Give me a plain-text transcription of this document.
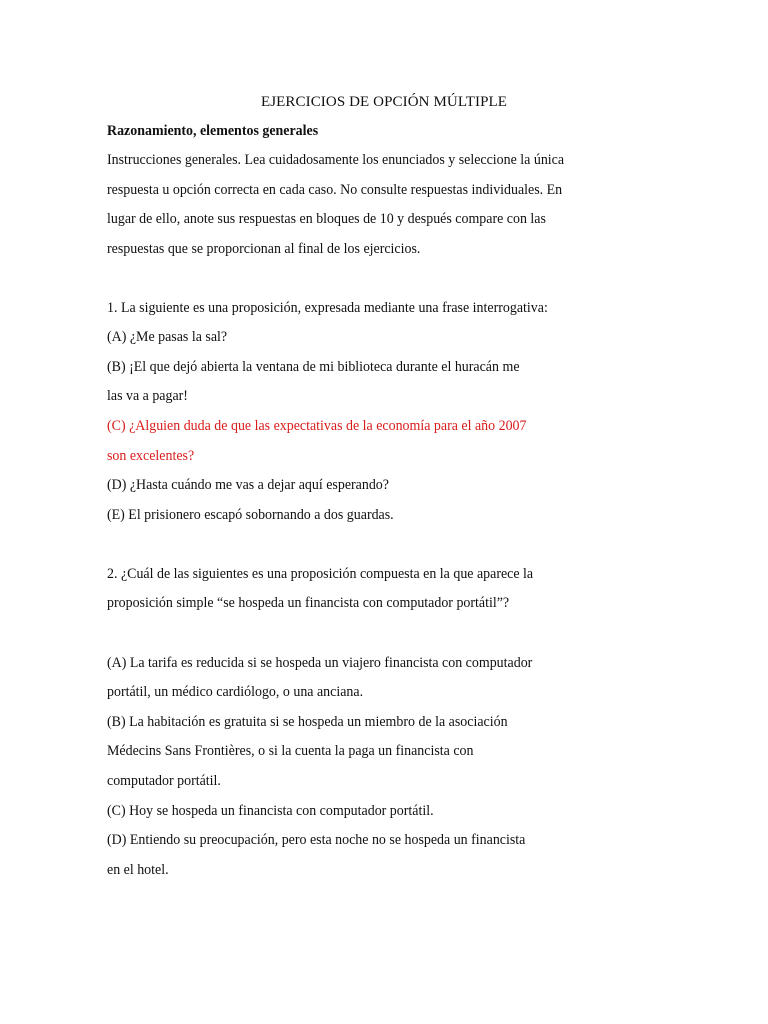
EJERCICIOS DE OPCIÓN MÚLTIPLE
Razonamiento, elementos generales
Instrucciones generales. Lea cuidadosamente los enunciados y seleccione la única
respuesta u opción correcta en cada caso. No consulte respuestas individuales. En
lugar de ello, anote sus respuestas en bloques de 10 y después compare con las
respuestas que se proporcionan al final de los ejercicios.
1. La siguiente es una proposición, expresada mediante una frase interrogativa:
(A) ¿Me pasas la sal?
(B) ¡El que dejó abierta la ventana de mi biblioteca durante el huracán me
las va a pagar!
(C) ¿Alguien duda de que las expectativas de la economía para el año 2007
son excelentes?
(D) ¿Hasta cuándo me vas a dejar aquí esperando?
(E) El prisionero escapó sobornando a dos guardas.
2. ¿Cuál de las siguientes es una proposición compuesta en la que aparece la
proposición simple “se hospeda un financista con computador portátil”?
(A) La tarifa es reducida si se hospeda un viajero financista con computador
portátil, un médico cardiólogo, o una anciana.
(B) La habitación es gratuita si se hospeda un miembro de la asociación
Médecins Sans Frontières, o si la cuenta la paga un financista con
computador portátil.
(C) Hoy se hospeda un financista con computador portátil.
(D) Entiendo su preocupación, pero esta noche no se hospeda un financista
en el hotel.
